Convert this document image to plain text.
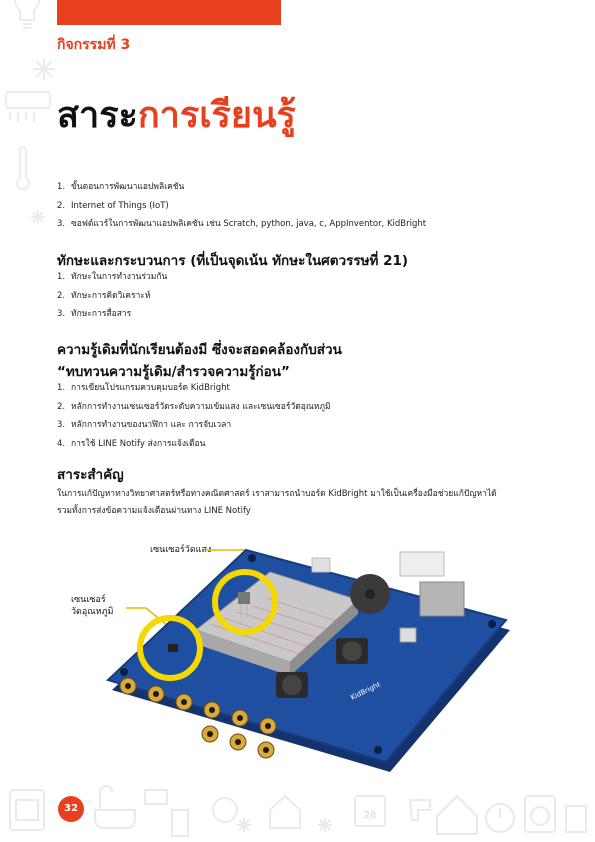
28
กิจกรรมที่ 3
สาระการเรียนรู้
1. ขั้นตอนการพัฒนาแอปพลิเคชัน
2. Internet of Things (IoT)
3. ซอฟต์แวร์ในการพัฒนาแอปพลิเคชัน เช่น Scratch, python, java, c, AppInventor, KidBright
ทักษะและกระบวนการ (ที่เป็นจุดเน้น ทักษะในศตวรรษที่ 21)
1. ทักษะในการทำงานร่วมกัน
2. ทักษะการคิดวิเคราะห์
3. ทักษะการสื่อสาร
ความรู้เดิมที่นักเรียนต้องมี ซึ่งจะสอดคล้องกับส่วน
“ทบทวนความรู้เดิม/สำรวจความรู้ก่อน”
1. การเขียนโปรแกรมควบคุมบอร์ด KidBright
2. หลักการทำงานเซนเซอร์วัดระดับความเข้มแสง และเซนเซอร์วัดอุณหภูมิ
3. หลักการทำงานของนาฬิกา และ การจับเวลา
4. การใช้ LINE Notify ส่งการแจ้งเตือน
สาระสำคัญ
ในการแก้ปัญหาทางวิทยาศาสตร์หรือทางคณิตศาสตร์ เราสามารถนำบอร์ด KidBright มาใช้เป็นเครื่องมือช่วยแก้ปัญหาได้
รวมทั้งการส่งข้อความแจ้งเตือนผ่านทาง LINE Notify
เซนเซอร์วัดแสง
เซนเซอร์
วัดอุณหภูมิ
KidBright
32
